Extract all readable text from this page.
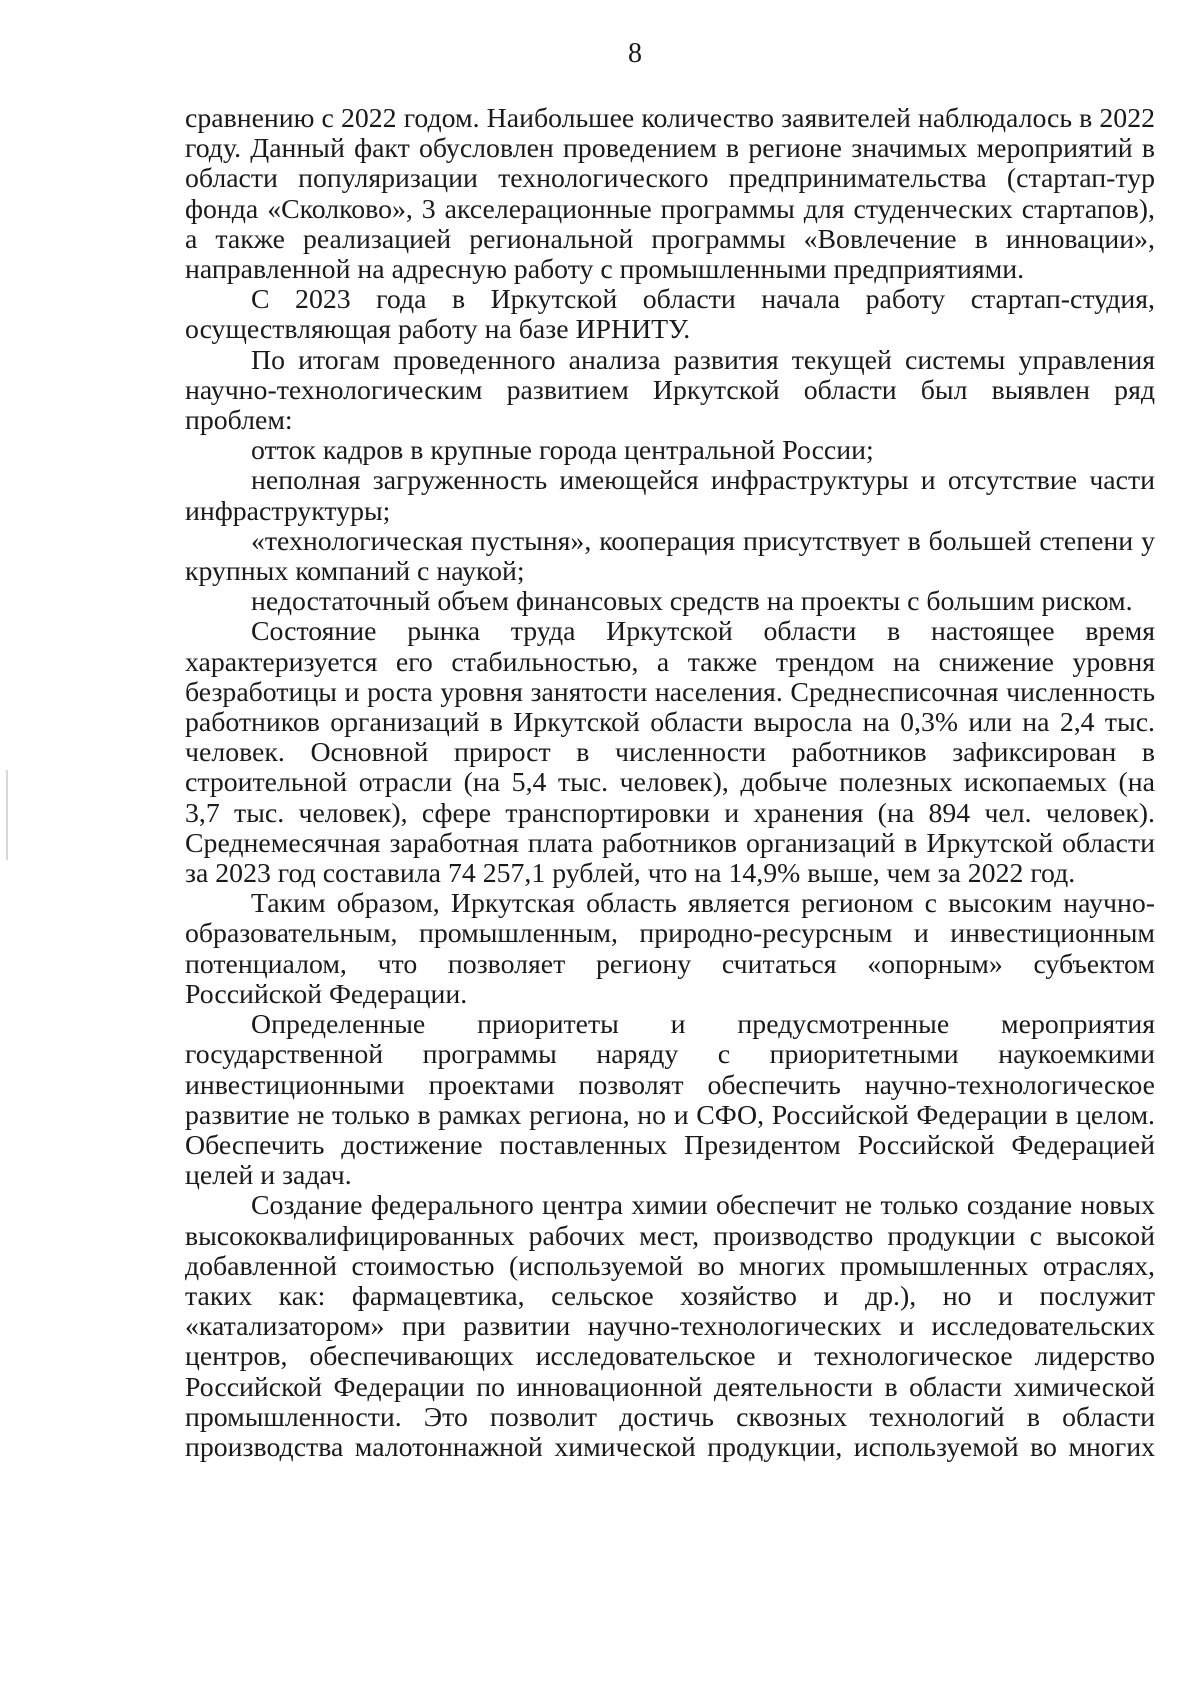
8

сравнению с 2022 годом. Наибольшее количество заявителей наблюдалось в 2022 году. Данный факт обусловлен проведением в регионе значимых мероприятий в области популяризации технологического предпринимательства (стартап-тур фонда «Сколково», 3 акселерационные программы для студенческих стартапов), а также реализацией региональной программы «Вовлечение в инновации», направленной на адресную работу с промышленными предприятиями.

С 2023 года в Иркутской области начала работу стартап-студия, осуществляющая работу на базе ИРНИТУ.

По итогам проведенного анализа развития текущей системы управления научно-технологическим развитием Иркутской области был выявлен ряд проблем:

отток кадров в крупные города центральной России;

неполная загруженность имеющейся инфраструктуры и отсутствие части инфраструктуры;

«технологическая пустыня», кооперация присутствует в большей степени у крупных компаний с наукой;

недостаточный объем финансовых средств на проекты с большим риском.

Состояние рынка труда Иркутской области в настоящее время характеризуется его стабильностью, а также трендом на снижение уровня безработицы и роста уровня занятости населения. Среднесписочная численность работников организаций в Иркутской области выросла на 0,3% или на 2,4 тыс. человек. Основной прирост в численности работников зафиксирован в строительной отрасли (на 5,4 тыс. человек), добыче полезных ископаемых (на 3,7 тыс. человек), сфере транспортировки и хранения (на 894 чел. человек). Среднемесячная заработная плата работников организаций в Иркутской области за 2023 год составила 74 257,1 рублей, что на 14,9% выше, чем за 2022 год.

Таким образом, Иркутская область является регионом с высоким научно-образовательным, промышленным, природно-ресурсным и инвестиционным потенциалом, что позволяет региону считаться «опорным» субъектом Российской Федерации.

Определенные приоритеты и предусмотренные мероприятия государственной программы наряду с приоритетными наукоемкими инвестиционными проектами позволят обеспечить научно-технологическое развитие не только в рамках региона, но и СФО, Российской Федерации в целом. Обеспечить достижение поставленных Президентом Российской Федерацией целей и задач.

Создание федерального центра химии обеспечит не только создание новых высококвалифицированных рабочих мест, производство продукции с высокой добавленной стоимостью (используемой во многих промышленных отраслях, таких как: фармацевтика, сельское хозяйство и др.), но и послужит «катализатором» при развитии научно-технологических и исследовательских центров, обеспечивающих исследовательское и технологическое лидерство Российской Федерации по инновационной деятельности в области химической промышленности. Это позволит достичь сквозных технологий в области производства малотоннажной химической продукции, используемой во многих
